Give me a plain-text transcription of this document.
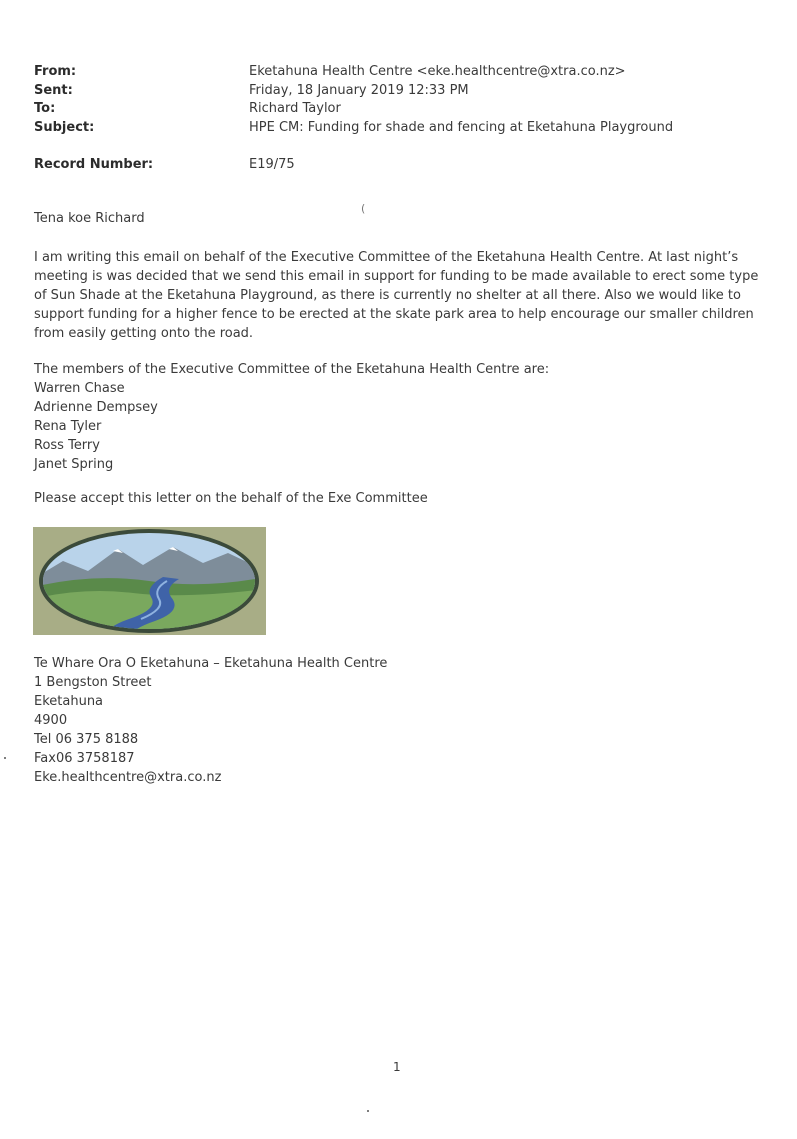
From:	Eketahuna Health Centre <eke.healthcentre@xtra.co.nz>
Sent:	Friday, 18 January 2019 12:33 PM
To:	Richard Taylor
Subject:	HPE CM: Funding for shade and fencing at Eketahuna Playground
Record Number:	E19/75
(
Tena koe Richard
I am writing this email on behalf of the Executive Committee of the Eketahuna Health Centre. At last night’s meeting is was decided that we send this email in support for funding to be made available to erect some type of Sun Shade at the Eketahuna Playground, as there is currently no shelter at all there. Also we would like to support funding for a higher fence to be erected at the skate park area to help encourage our smaller children from easily getting onto the road.
The members of the Executive Committee of the Eketahuna Health Centre are:
Warren Chase
Adrienne Dempsey
Rena Tyler
Ross Terry
Janet Spring
Please accept this letter on the behalf of the Exe Committee
Te Whare Ora O Eketahuna – Eketahuna Health Centre
1 Bengston Street
Eketahuna
4900
Tel 06 375 8188
Fax06 3758187
Eke.healthcentre@xtra.co.nz
1
